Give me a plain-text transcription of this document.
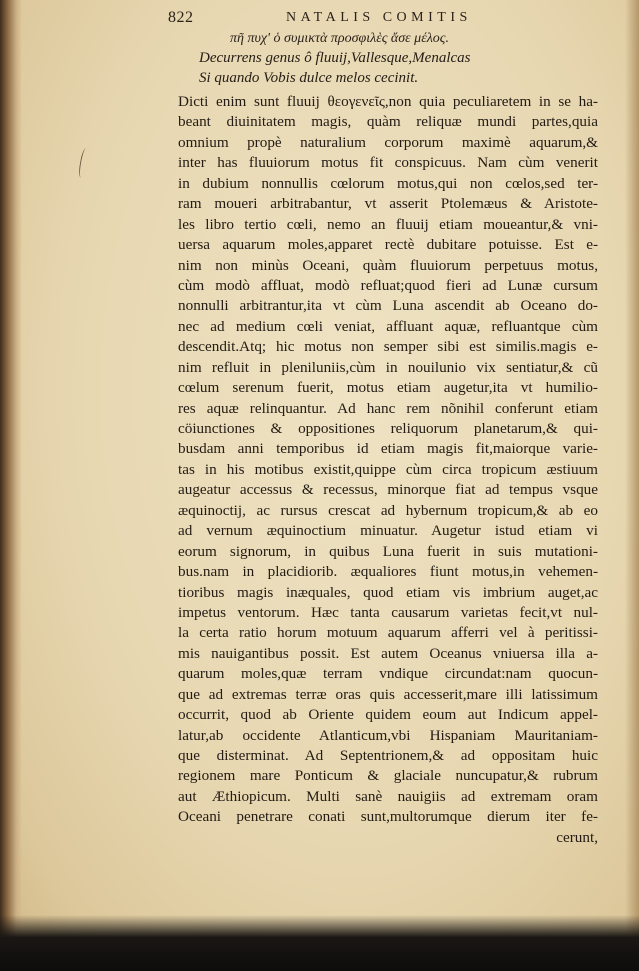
822	NATALIS COMITIS
πῆ πυχ' ὁ συμικτὰ προσφιλὲς ἄσε μέλος.
Decurrens genus ô fluuij,Vallesque,Menalcas
Si quando Vobis dulce melos cecinit.
Dicti enim sunt fluuij θεογενεῖς,non quia peculiaretem in se ha-
beant diuinitatem magis, quàm reliquæ mundi partes,quia
omnium propè naturalium corporum maximè aquarum,&
inter has fluuiorum motus fit conspicuus. Nam cùm venerit
in dubium nonnullis cœlorum motus,qui non cœlos,sed ter-
ram moueri arbitrabantur, vt asserit Ptolemæus & Aristote-
les libro tertio cœli, nemo an fluuij etiam moueantur,& vni-
uersa aquarum moles,apparet rectè dubitare potuisse. Est e-
nim non minùs Oceani, quàm fluuiorum perpetuus motus,
cùm modò affluat, modò refluat;quod fieri ad Lunæ cursum
nonnulli arbitrantur,ita vt cùm Luna ascendit ab Oceano do-
nec ad medium cœli veniat, affluant aquæ, refluantque cùm
descendit.Atq; hic motus non semper sibi est similis.magis e-
nim refluit in pleniluniis,cùm in nouilunio vix sentiatur,& cũ
cœlum serenum fuerit, motus etiam augetur,ita vt humilio-
res aquæ relinquantur. Ad hanc rem nõnihil conferunt etiam
cöiunctiones & oppositiones reliquorum planetarum,& qui-
busdam anni temporibus id etiam magis fit,maiorque varie-
tas in his motibus existit,quippe cùm circa tropicum æstiuum
augeatur accessus & recessus, minorque fiat ad tempus vsque
æquinoctij, ac rursus crescat ad hybernum tropicum,& ab eo
ad vernum æquinoctium minuatur. Augetur istud etiam vi
eorum signorum, in quibus Luna fuerit in suis mutationi-
bus.nam in placidiorib. æqualiores fiunt motus,in vehemen-
tioribus magis inæquales, quod etiam vis imbrium auget,ac
impetus ventorum. Hæc tanta causarum varietas fecit,vt nul-
la certa ratio horum motuum aquarum afferri vel à peritissi-
mis nauigantibus possit. Est autem Oceanus vniuersa illa a-
quarum moles,quæ terram vndique circundat:nam quocun-
que ad extremas terræ oras quis accesserit,mare illi latissimum
occurrit, quod ab Oriente quidem eoum aut Indicum appel-
latur,ab occidente Atlanticum,vbi Hispaniam Mauritaniam-
que disterminat. Ad Septentrionem,& ad oppositam huic
regionem mare Ponticum & glaciale nuncupatur,& rubrum
aut Æthiopicum. Multi sanè nauigiis ad extremam oram
Oceani penetrare conati sunt,multorumque dierum iter fe-
cerunt,
